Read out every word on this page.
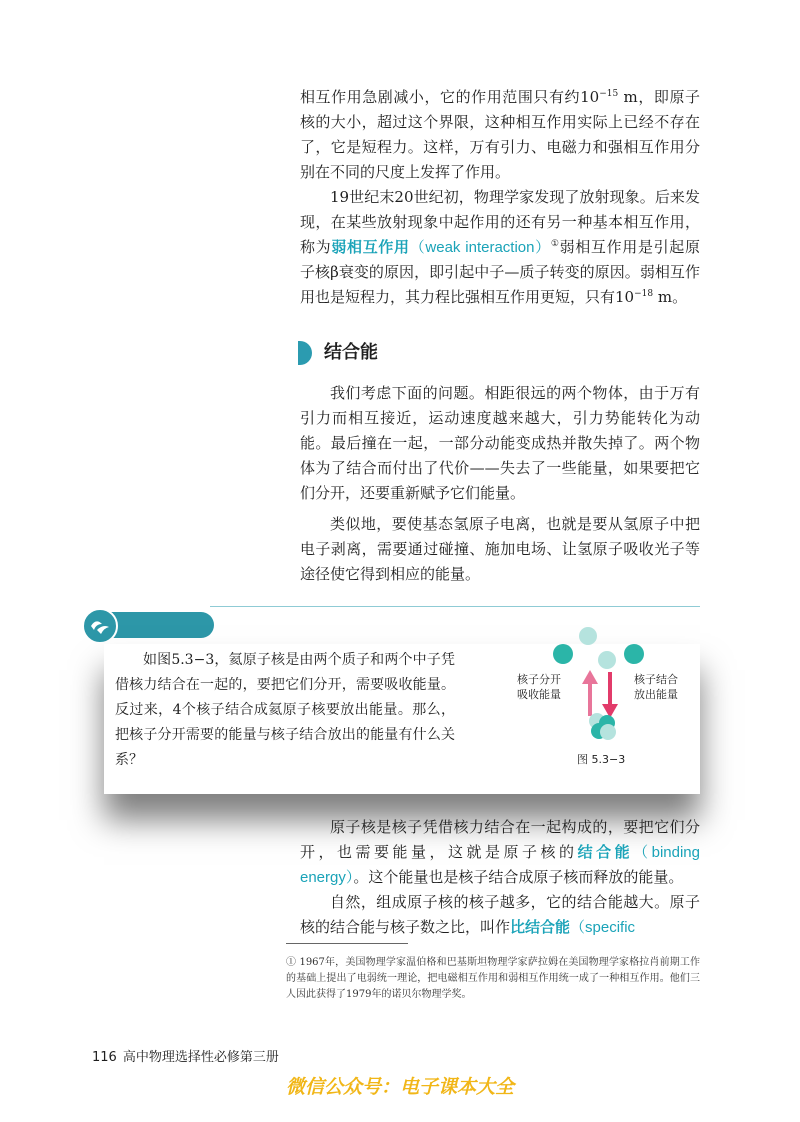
相互作用急剧减小，它的作用范围只有约$10^{-15}$ m，即原子核的大小，超过这个界限，这种相互作用实际上已经不存在了，它是短程力。这样，万有引力、电磁力和强相互作用分别在不同的尺度上发挥了作用。

19世纪末20世纪初，物理学家发现了放射现象。后来发现，在某些放射现象中起作用的还有另一种基本相互作用，称为弱相互作用（weak interaction）①弱相互作用是引起原子核β衰变的原因，即引起中子—质子转变的原因。弱相互作用也是短程力，其力程比强相互作用更短，只有$10^{-18}$ m。

结合能

我们考虑下面的问题。相距很远的两个物体，由于万有引力而相互接近，运动速度越来越大，引力势能转化为动能。最后撞在一起，一部分动能变成热并散失掉了。两个物体为了结合而付出了代价——失去了一些能量，如果要把它们分开，还要重新赋予它们能量。

类似地，要使基态氢原子电离，也就是要从氢原子中把电子剥离，需要通过碰撞、施加电场、让氢原子吸收光子等途径使它得到相应的能量。

如图5.3−3，氦原子核是由两个质子和两个中子凭借核力结合在一起的，要把它们分开，需要吸收能量。反过来，4个核子结合成氦原子核要放出能量。那么，把核子分开需要的能量与核子结合放出的能量有什么关系？

核子分开
吸收能量
核子结合
放出能量
图 5.3−3

原子核是核子凭借核力结合在一起构成的，要把它们分开，也需要能量，这就是原子核的结合能（binding energy）。这个能量也是核子结合成原子核而释放的能量。

自然，组成原子核的核子越多，它的结合能越大。原子核的结合能与核子数之比，叫作比结合能（specific

① 1967年，美国物理学家温伯格和巴基斯坦物理学家萨拉姆在美国物理学家格拉肖前期工作的基础上提出了电弱统一理论，把电磁相互作用和弱相互作用统一成了一种相互作用。他们三人因此获得了1979年的诺贝尔物理学奖。

116 高中物理选择性必修第三册
微信公众号：电子课本大全
